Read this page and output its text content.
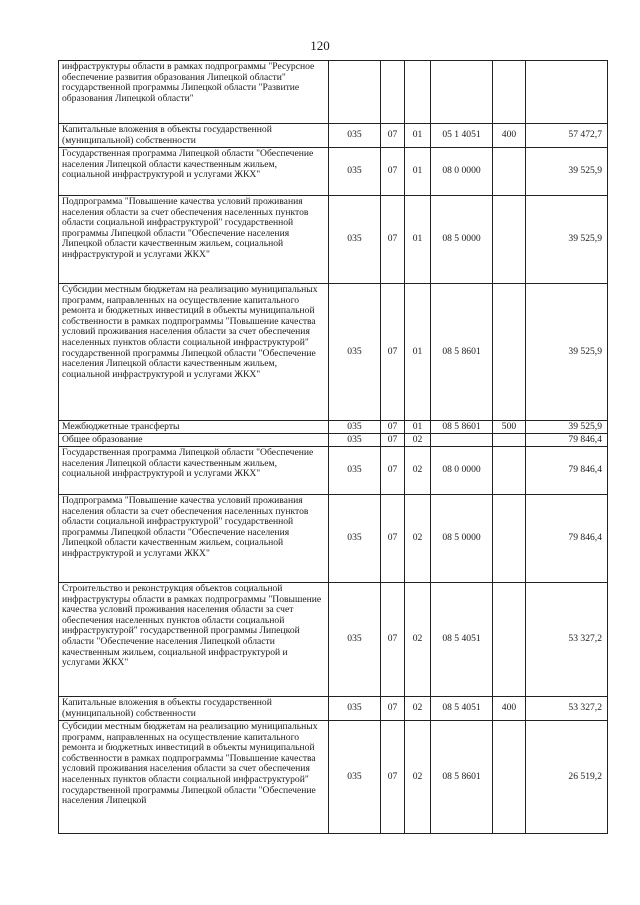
120
инфраструктуры области в рамках подпрограммы "Ресурсное обеспечение развития образования Липецкой области" государственной программы Липецкой области "Развитие образования Липецкой области"						
Капитальные вложения в объекты государственной (муниципальной) собственности	035	07	01	05 1 4051	400	57 472,7
Государственная программа Липецкой области "Обеспечение населения Липецкой области качественным жильем, социальной инфраструктурой и услугами ЖКХ"	035	07	01	08 0 0000		39 525,9
Подпрограмма "Повышение качества условий проживания населения области за счет обеспечения населенных пунктов области социальной инфраструктурой" государственной программы Липецкой области "Обеспечение населения Липецкой области качественным жильем, социальной инфраструктурой и услугами ЖКХ"	035	07	01	08 5 0000		39 525,9
Субсидии местным бюджетам на реализацию муниципальных программ, направленных на осуществление капитального ремонта и бюджетных инвестиций в объекты муниципальной собственности в рамках подпрограммы "Повышение качества условий проживания населения области за счет обеспечения населенных пунктов области социальной инфраструктурой" государственной программы Липецкой области "Обеспечение населения Липецкой области качественным жильем, социальной инфраструктурой и услугами ЖКХ"	035	07	01	08 5 8601		39 525,9
Межбюджетные трансферты	035	07	01	08 5 8601	500	39 525,9
Общее образование	035	07	02			79 846,4
Государственная программа Липецкой области "Обеспечение населения Липецкой области качественным жильем, социальной инфраструктурой и услугами ЖКХ"	035	07	02	08 0 0000		79 846,4
Подпрограмма "Повышение качества условий проживания населения области за счет обеспечения населенных пунктов области социальной инфраструктурой" государственной программы Липецкой области "Обеспечение населения Липецкой области качественным жильем, социальной инфраструктурой и услугами ЖКХ"	035	07	02	08 5 0000		79 846,4
Строительство и реконструкция объектов социальной инфраструктуры области в рамках подпрограммы "Повышение качества условий проживания населения области за счет обеспечения населенных пунктов области социальной инфраструктурой" государственной программы Липецкой области "Обеспечение населения Липецкой области качественным жильем, социальной инфраструктурой и услугами ЖКХ"	035	07	02	08 5 4051		53 327,2
Капитальные вложения в объекты государственной (муниципальной) собственности	035	07	02	08 5 4051	400	53 327,2
Субсидии местным бюджетам на реализацию муниципальных программ, направленных на осуществление капитального ремонта и бюджетных инвестиций в объекты муниципальной собственности в рамках подпрограммы "Повышение качества условий проживания населения области за счет обеспечения населенных пунктов области социальной инфраструктурой" государственной программы Липецкой области "Обеспечение населения Липецкой	035	07	02	08 5 8601		26 519,2
